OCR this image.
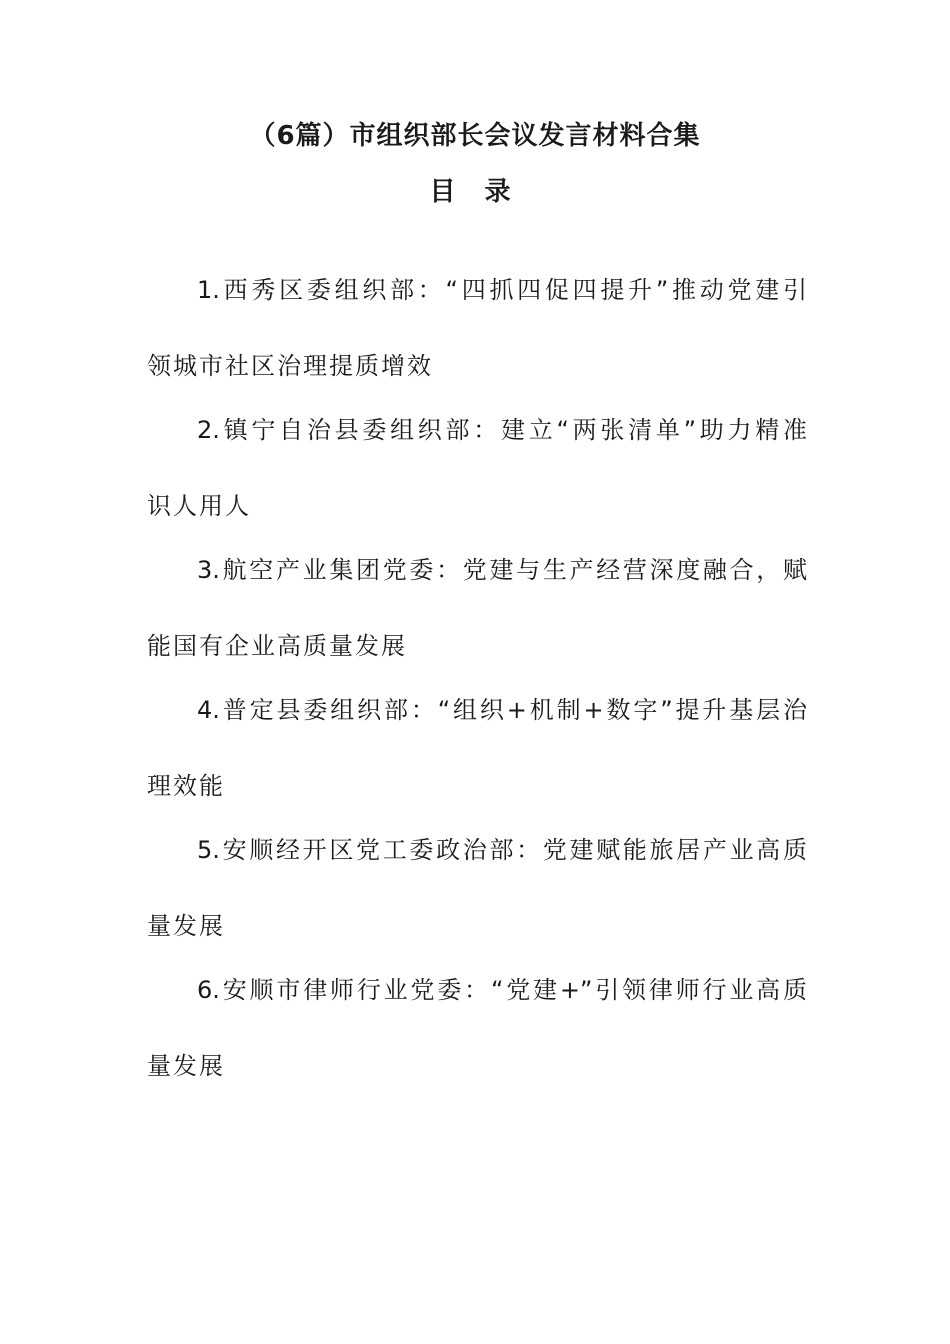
（6篇）市组织部长会议发言材料合集
目 录
1.西秀区委组织部：“四抓四促四提升”推动党建引
领城市社区治理提质增效
2.镇宁自治县委组织部：建立“两张清单”助力精准
识人用人
3.航空产业集团党委：党建与生产经营深度融合，赋
能国有企业高质量发展
4.普定县委组织部：“组织+机制+数字”提升基层治
理效能
5.安顺经开区党工委政治部：党建赋能旅居产业高质
量发展
6.安顺市律师行业党委：“党建+”引领律师行业高质
量发展
